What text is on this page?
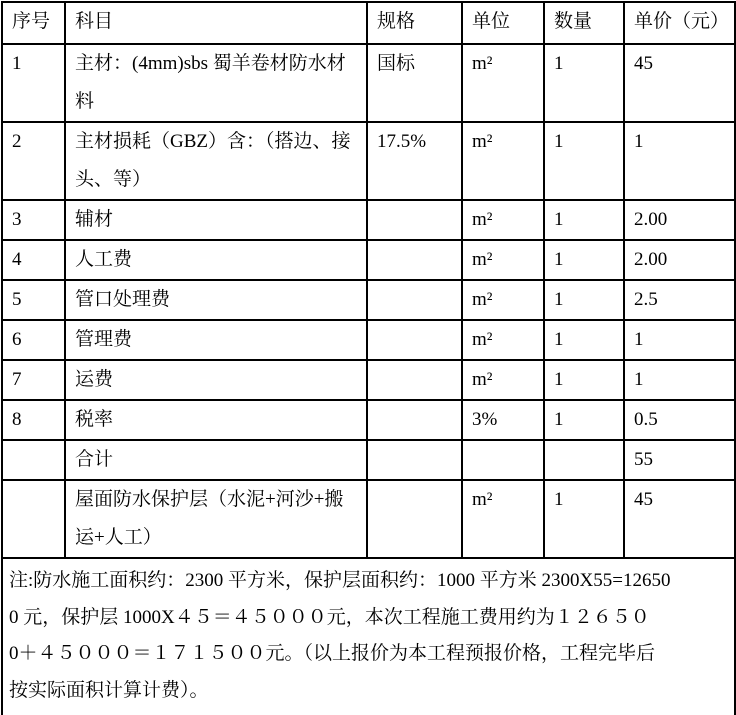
序号	科目	规格	单位	数量	单价（元）
1	主材：(4mm)sbs 蜀羊卷材防水材料	国标	m²	1	45
2	主材损耗（GBZ）含：（搭边、接头、等）	17.5%	m²	1	1
3	辅材		m²	1	2.00
4	人工费		m²	1	2.00
5	管口处理费		m²	1	2.5
6	管理费		m²	1	1
7	运费		m²	1	1
8	税率		3%	1	0.5
	合计				55
	屋面防水保护层（水泥+河沙+搬运+人工）		m²	1	45

注:防水施工面积约：2300 平方米，保护层面积约：1000 平方米 2300X55=12650
0 元，保护层 1000X４５＝４５０００元，本次工程施工费用约为１２６５０
0＋４５０００＝１７１５００元。（以上报价为本工程预报价格，工程完毕后
按实际面积计算计费）。					
